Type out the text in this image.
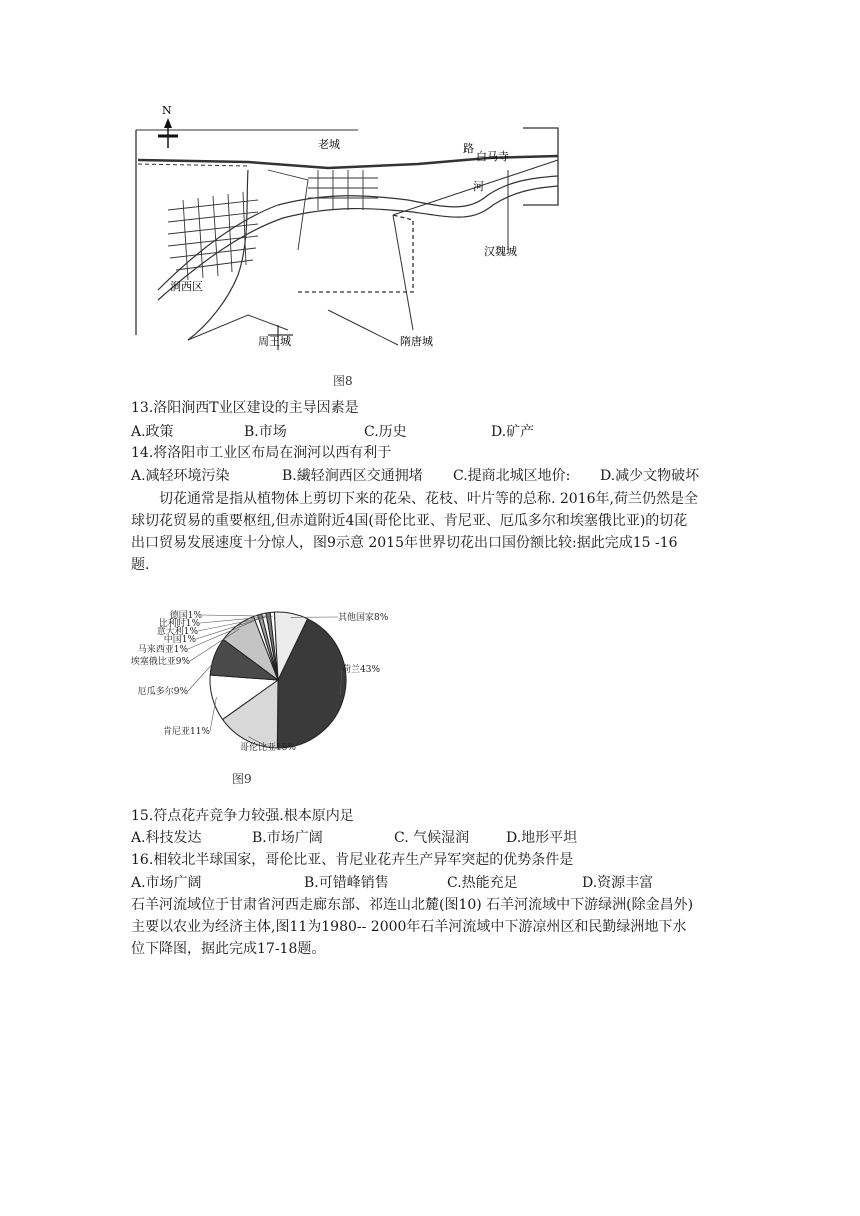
N
老城
白马寺
路
河
汉魏城
涧西区
周王城	隋唐城
图8
13.洛阳涧西T业区建设的主导因素是
A.政策	B.市场	C.历史	D.矿产
14.将洛阳市工业区布局在涧河以西有利于
A.减轻环境污染	B.繊轻涧西区交通拥堵 C.提商北城区地价: D.减少文物破坏
切花通常是指从植物体上剪切下来的花朵、花枝、叶片等的总称. 2016年,荷兰仍然是全
球切花贸易的重要枢纽,但赤道附近4国(哥伦比亚、肯尼亚、厄瓜多尔和埃塞俄比亚)的切花
出口贸易发展速度十分惊人，图9示意 2015年世界切花出口国份额比较:据此完成15 -16
题.
荷兰43%
哥伦比亚15%
肯尼亚11%
厄瓜多尔9%
埃塞俄比亚9%
马来西亚1%
中国1%
意大利1%
比利时1%
德国1%	其他国家8%
图9
15.符点花卉竞争力较强.根本原内足
A.科技发达	B.市场广阔	C. 气候湿润	D.地形平坦
16.相较北半球国家，哥伦比亚、肯尼业花卉生产异军突起的优势条件是
A.市场广阔	B.可错峰销售	C.热能充足	D.资源丰富
石羊河流域位于甘肃省河西走廊东部、祁连山北麓(图10) 石羊河流域中下游绿洲(除金昌外)
主要以农业为经济主体,图11为1980-- 2000年石羊河流域中下游凉州区和民勤绿洲地下水
位下降图，据此完成17-18题。
